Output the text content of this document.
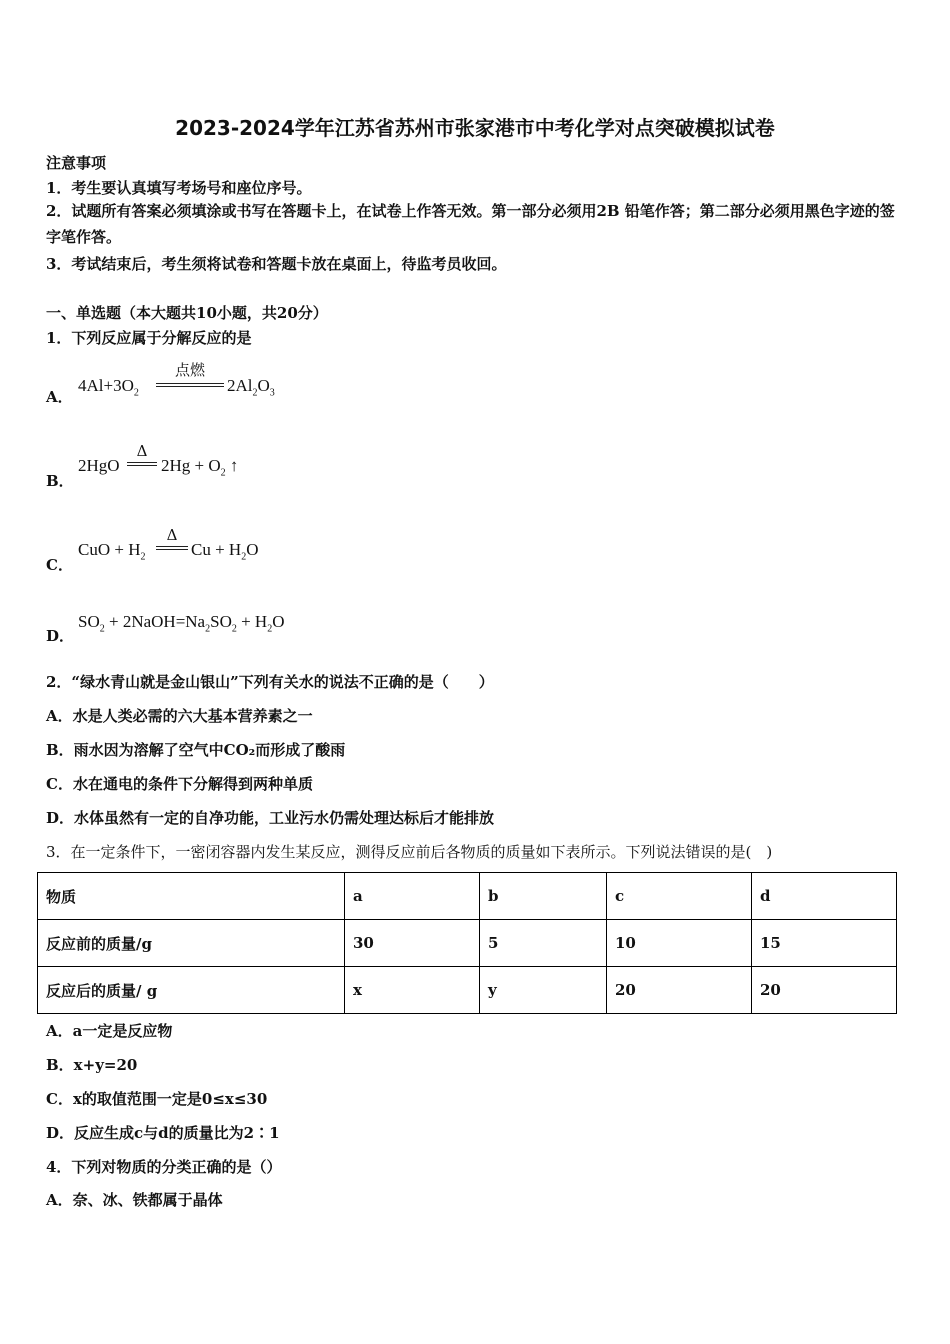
2023-2024学年江苏省苏州市张家港市中考化学对点突破模拟试卷
注意事项
1．考生要认真填写考场号和座位序号。
2．试题所有答案必须填涂或书写在答题卡上，在试卷上作答无效。第一部分必须用2B 铅笔作答；第二部分必须用黑色字迹的签字笔作答。
3．考试结束后，考生须将试卷和答题卡放在桌面上，待监考员收回。
一、单选题（本大题共10小题，共20分）
1．下列反应属于分解反应的是
A．
$4Al+3O_2$
点燃
$2Al_2O_3$
B．
2HgO
Δ
$2Hg + O_2$ ↑
C．
CuO + $H_2$
Δ
$Cu + H_2O$
D．
$SO_2$ + $2NaOH=Na_2SO_2 + H_2O$
2．“绿水青山就是金山银山”下列有关水的说法不正确的是（　　）
A．水是人类必需的六大基本营养素之一
B．雨水因为溶解了空气中CO₂而形成了酸雨
C．水在通电的条件下分解得到两种单质
D．水体虽然有一定的自净功能，工业污水仍需处理达标后才能排放
3．在一定条件下，一密闭容器内发生某反应，测得反应前后各物质的质量如下表所示。下列说法错误的是(　)
物质	a	b	c	d
反应前的质量/g	30	5	10	15
反应后的质量/ g	x	y	20	20
A．a一定是反应物
B．x+y=20
C．x的取值范围一定是0≤x≤30
D．反应生成c与d的质量比为2∶1
4．下列对物质的分类正确的是（）
A．奈、冰、铁都属于晶体
